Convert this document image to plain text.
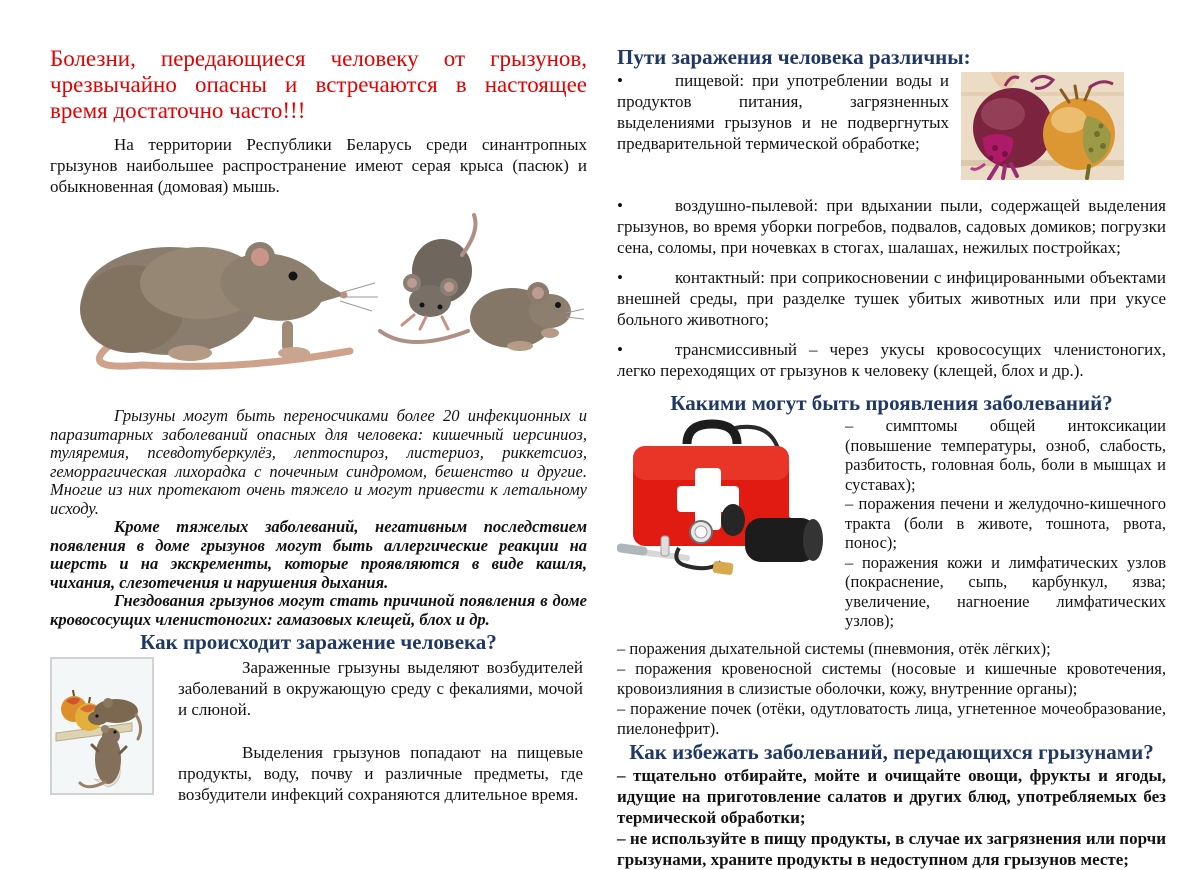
Болезни, передающиеся человеку от грызунов, чрезвычайно опасны и встречаются в настоящее время достаточно часто!!!

На территории Республики Беларусь среди синантропных грызунов наибольшее распространение имеют серая крыса (пасюк) и обыкновенная (домовая) мышь.

Грызуны могут быть переносчиками более 20 инфекционных и паразитарных заболеваний опасных для человека: кишечный иерсиниоз, туляремия, псевдотуберкулёз, лептоспироз, листериоз, риккетсиоз, геморрагическая лихорадка с почечным синдромом, бешенство и другие. Многие из них протекают очень тяжело и могут привести к летальному исходу.

Кроме тяжелых заболеваний, негативным последствием появления в доме грызунов могут быть аллергические реакции на шерсть и на экскременты, которые проявляются в виде кашля, чихания, слезотечения и нарушения дыхания.

Гнездования грызунов могут стать причиной появления в доме кровососущих членистоногих: гамазовых клещей, блох и др.

Как происходит заражение человека?

Зараженные грызуны выделяют возбудителей заболеваний в окружающую среду с фекалиями, мочой и слюной.

Выделения грызунов попадают на пищевые продукты, воду, почву и различные предметы, где возбудители инфекций сохраняются длительное время.

Пути заражения человека различны:

•	пищевой: при употреблении воды и продуктов питания, загрязненных выделениями грызунов и не подвергнутых предварительной термической обработке;

•	воздушно-пылевой: при вдыхании пыли, содержащей выделения грызунов, во время уборки погребов, подвалов, садовых домиков; погрузки сена, соломы, при ночевках в стогах, шалашах, нежилых постройках;

•	контактный: при соприкосновении с инфицированными объектами внешней среды, при разделке тушек убитых животных или при укусе больного животного;

•	трансмиссивный – через укусы кровососущих членистоногих, легко переходящих от грызунов к человеку (клещей, блох и др.).

Какими могут быть проявления заболеваний?

– симптомы общей интоксикации (повышение температуры, озноб, слабость, разбитость, головная боль, боли в мышцах и суставах);

– поражения печени и желудочно-кишечного тракта (боли в животе, тошнота, рвота, понос);

– поражения кожи и лимфатических узлов (покраснение, сыпь, карбункул, язва; увеличение, нагноение лимфатических узлов);

– поражения дыхательной системы (пневмония, отёк лёгких);

– поражения кровеносной системы (носовые и кишечные кровотечения, кровоизлияния в слизистые оболочки, кожу, внутренние органы);

– поражение почек (отёки, одутловатость лица, угнетенное мочеобразование, пиелонефрит).

Как избежать заболеваний, передающихся грызунами?

– тщательно отбирайте, мойте и очищайте овощи, фрукты и ягоды, идущие на приготовление салатов и других блюд, употребляемых без термической обработки;

– не используйте в пищу продукты, в случае их загрязнения или порчи грызунами, храните продукты в недоступном для грызунов месте;
